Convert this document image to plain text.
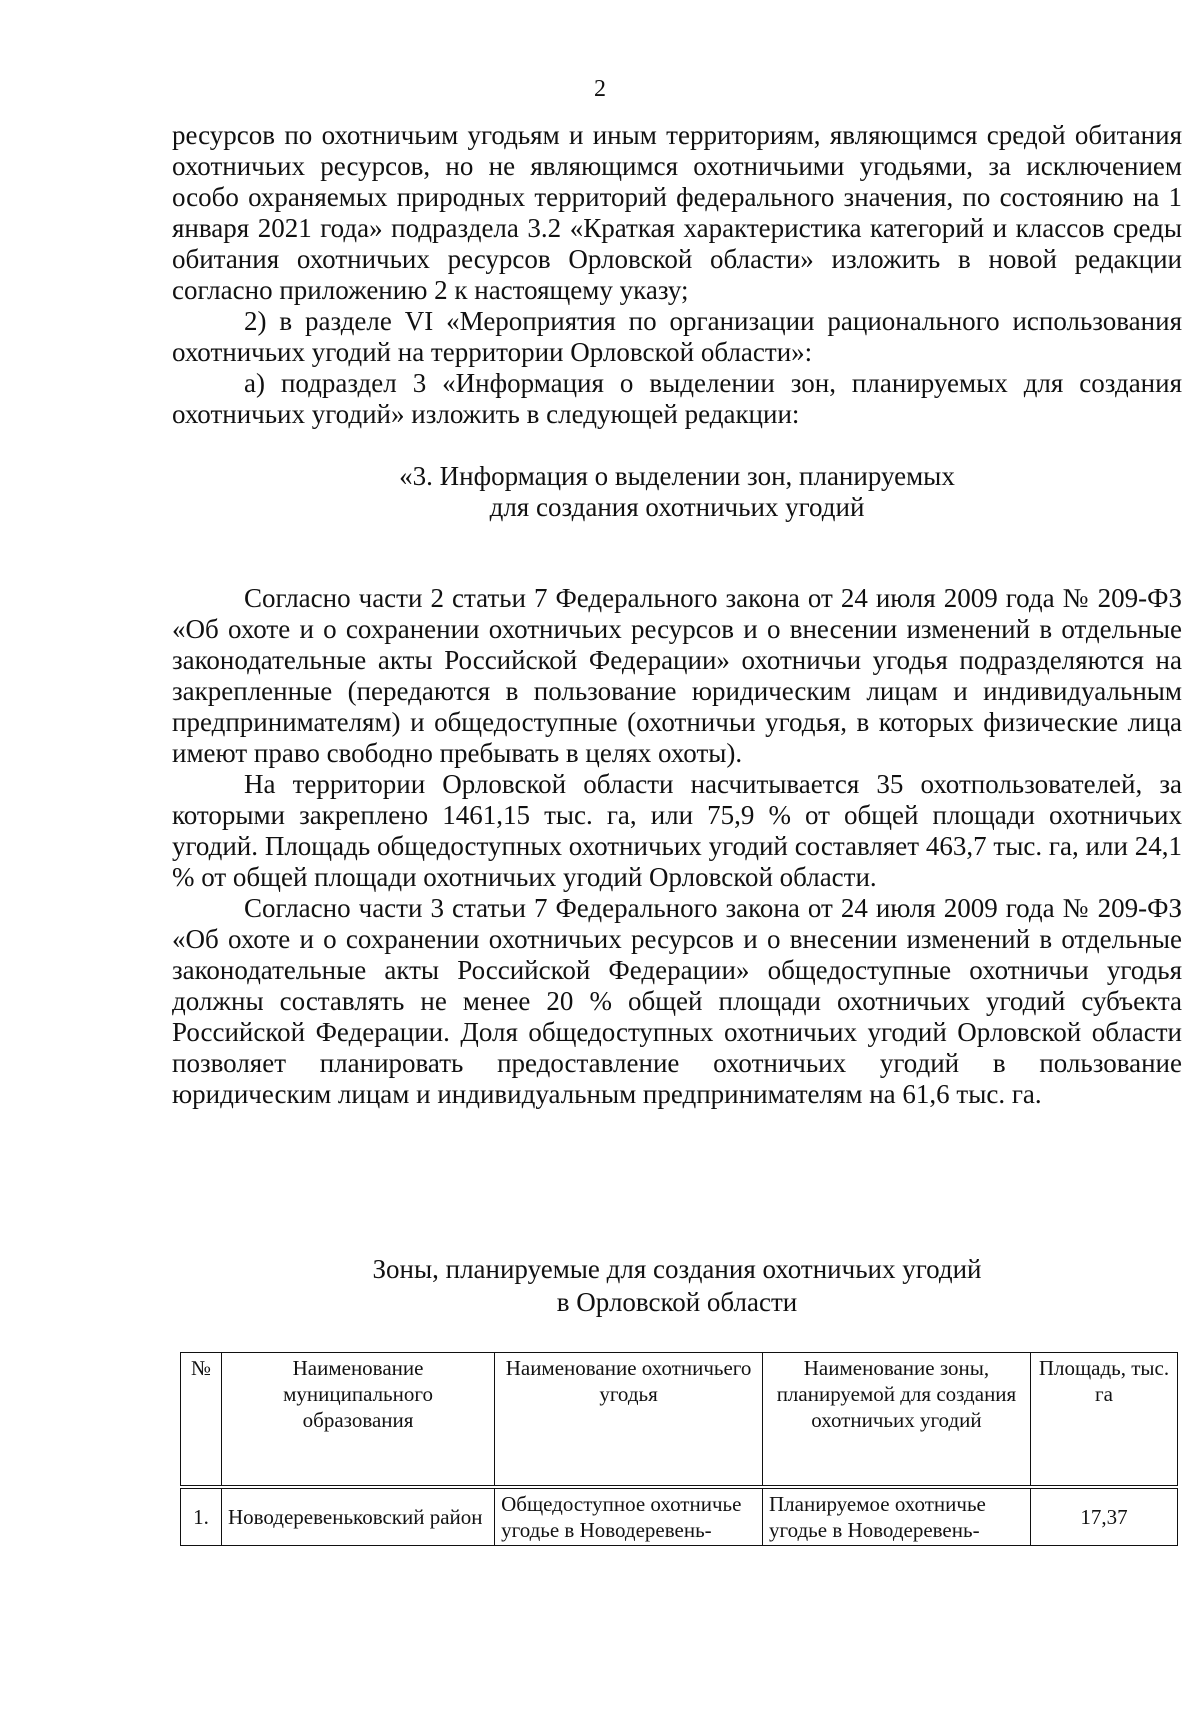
2

ресурсов по охотничьим угодьям и иным территориям, являющимся средой обитания охотничьих ресурсов, но не являющимся охотничьими угодьями, за исключением особо охраняемых природных территорий федерального значения, по состоянию на 1 января 2021 года» подраздела 3.2 «Краткая характеристика категорий и классов среды обитания охотничьих ресурсов Орловской области» изложить в новой редакции согласно приложению 2 к настоящему указу;

2) в разделе VI «Мероприятия по организации рационального использования охотничьих угодий на территории Орловской области»:

а) подраздел 3 «Информация о выделении зон, планируемых для создания охотничьих угодий» изложить в следующей редакции:

«3. Информация о выделении зон, планируемых
для создания охотничьих угодий

Согласно части 2 статьи 7 Федерального закона от 24 июля 2009 года № 209-ФЗ «Об охоте и о сохранении охотничьих ресурсов и о внесении изменений в отдельные законодательные акты Российской Федерации» охотничьи угодья подразделяются на закрепленные (передаются в пользование юридическим лицам и индивидуальным предпринимателям) и общедоступные (охотничьи угодья, в которых физические лица имеют право свободно пребывать в целях охоты).

На территории Орловской области насчитывается 35 охотпользователей, за которыми закреплено 1461,15 тыс. га, или 75,9 % от общей площади охотничьих угодий. Площадь общедоступных охотничьих угодий составляет 463,7 тыс. га, или 24,1 % от общей площади охотничьих угодий Орловской области.

Согласно части 3 статьи 7 Федерального закона от 24 июля 2009 года № 209-ФЗ «Об охоте и о сохранении охотничьих ресурсов и о внесении изменений в отдельные законодательные акты Российской Федерации» общедоступные охотничьи угодья должны составлять не менее 20 % общей площади охотничьих угодий субъекта Российской Федерации. Доля общедоступных охотничьих угодий Орловской области позволяет планировать предоставление охотничьих угодий в пользование юридическим лицам и индивидуальным предпринимателям на 61,6 тыс. га.

Зоны, планируемые для создания охотничьих угодий
в Орловской области
№	Наименование муниципального образования	Наименование охотничьего угодья	Наименование зоны, планируемой для создания охотничьих угодий	Площадь, тыс. га
1.	Новодеревеньковский район	Общедоступное охотничье угодье в Новодеревень-	Планируемое охотничье угодье в Новодеревень-	17,37
